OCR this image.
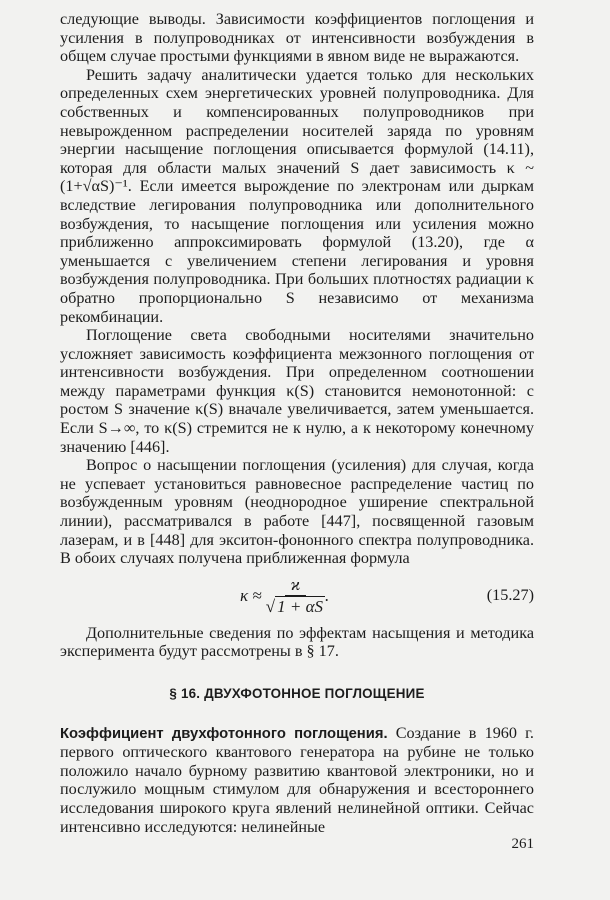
следующие выводы. Зависимости коэффициентов поглощения и усиления в полупроводниках от интенсивности возбуждения в общем случае простыми функциями в явном виде не выражаются.

Решить задачу аналитически удается только для нескольких определенных схем энергетических уровней полупроводника. Для собственных и компенсированных полупроводников при невырожденном распределении носителей заряда по уровням энергии насыщение поглощения описывается формулой (14.11), которая для области малых значений S дает зависимость κ ~ (1+√αS)⁻¹. Если имеется вырождение по электронам или дыркам вследствие легирования полупроводника или дополнительного возбуждения, то насыщение поглощения или усиления можно приближенно аппроксимировать формулой (13.20), где α уменьшается с увеличением степени легирования и уровня возбуждения полупроводника. При больших плотностях радиации κ обратно пропорционально S независимо от механизма рекомбинации.

Поглощение света свободными носителями значительно усложняет зависимость коэффициента межзонного поглощения от интенсивности возбуждения. При определенном соотношении между параметрами функция κ(S) становится немонотонной: с ростом S значение κ(S) вначале увеличивается, затем уменьшается. Если S→∞, то κ(S) стремится не к нулю, а к некоторому конечному значению [446].

Вопрос о насыщении поглощения (усиления) для случая, когда не успевает установиться равновесное распределение частиц по возбужденным уровням (неоднородное уширение спектральной линии), рассматривался в работе [447], посвященной газовым лазерам, и в [448] для экситон-фононного спектра полупроводника. В обоих случаях получена приближенная формула

$\kappa \approx \frac{ϰ}{√ 1 + \alpha S}$ .	(15.27)

Дополнительные сведения по эффектам насыщения и методика эксперимента будут рассмотрены в § 17.

§ 16. ДВУХФОТОННОЕ ПОГЛОЩЕНИЕ

Коэффициент двухфотонного поглощения. Создание в 1960 г. первого оптического квантового генератора на рубине не только положило начало бурному развитию квантовой электроники, но и послужило мощным стимулом для обнаружения и всестороннего исследования широкого круга явлений нелинейной оптики. Сейчас интенсивно исследуются: нелинейные

261
